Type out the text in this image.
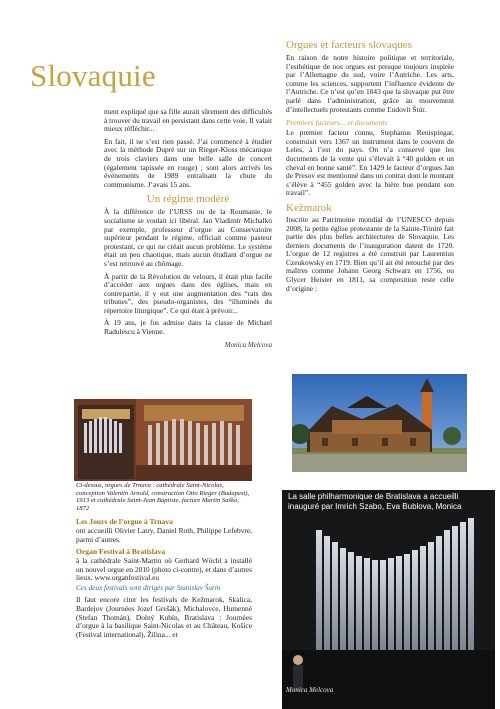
Slovaquie

ment expliqué que sa fille aurait sûrement des difficultés à trouver du travail en persistant dans cette voie. Il valait mieux réfléchir...

En fait, il ne s’est rien passé. J’ai commencé à étudier avec la méthode Dupré sur un Rieger-Kloss mécanique de trois claviers dans une belle salle de concert (également tapissée en rouge) ; sont alors arrivés les événements de 1989 entraînant la chute du communisme. J’avais 15 ans.

Un régime modéré

À la différence de l’URSS ou de la Roumanie, le socialisme se voulait ici libéral. Jan Vladimír Michalko par exemple, professeur d’orgue au Conservatoire supérieur pendant le régime, officiait comme pasteur protestant, ce qui ne créait aucun problème. Le système était un peu chaotique, mais aucun étudiant d’orgue ne s’est retrouvé au chômage.

À partir de la Révolution de velours, il était plus facile d’accéder aux orgues dans des églises, mais en contrepartie, il y eut une augmentation des “rats des tribunes”, des pseudo-organistes, des “illuminés du répertoire liturgique”. Ce qui était à prévoir...

À 19 ans, je fus admise dans la classe de Michael Radulescu à Vienne.

Monica Melcova
Orgues et facteurs slovaques

En raison de notre histoire politique et territoriale, l’esthétique de nos orgues est presque toujours inspirée par l’Allemagne du sud, voire l’Autriche. Les arts, comme les sciences, supportent l’influence évidente de l’Autriche. Ce n’est qu’en 1843 que la slovaque put être parlé dans l’administration, grâce au mouvement d’intellectuels protestants comme Ľudovít Štúr.

Premiers facteurs... et documents

Le premier facteur connu, Stephanus Renispingar, construisit vers 1367 un instrument dans le couvent de Leles, à l’est du pays. On n’a conservé que les documents de la vente qui s’élevait à “40 golden et un cheval en bonne santé”. En 1429 le facteur d’orgues Jan de Presov est mentionné dans un contrat dont le montant s’élève à “455 golden avec la bière bue pendant son travail”.

Kežmarok

Inscrite au Patrimoine mondial de l’UNESCO depuis 2008, la petite église protestante de la Sainte-Trinité fait partie des plus belles architectures de Slovaquie. Les derniers documents de l’inauguration datent de 1720. L’orgue de 12 registres a été construit par Laurentius Czeukowsky en 1719. Bien qu’il ait été retouché par des maîtres comme Johann Georg Schwarz en 1756, ou Glycer Heister en 1811, sa composition reste celle d’origine :

Ci-dessus, orgues de Trnava : cathédrale Saint-Nicolas, conception Valentin Arnold, construction Otto Rieger (Budapest), 1913 et cathédrale Saint-Jean Baptiste, facture Martin Saško, 1872
Les Jours de l’orgue à Trnava

ont accueilli Olivier Latry, Daniel Roth, Philippe Lefebvre, parmi d’autres.

Organ Festival à Bratislava

à la cathédrale Saint-Martin où Gerhard Wöchl a installé un nouvel orgue en 2010 (photo ci-contre), et dans d’autres lieux. www.organfestival.eu

Ces deux festivals sont dirigés par Stanislav Šurin

Il faut encore citer les festivals de Kežmarok, Skalica, Bardejov (Journées Jozef Grešák), Michalovce, Humenné (Stefan Thomán), Dolný Kubín, Bratislava : Journées d’orgue à la basilique Saint-Nicolas et au Château, Košice (Festival international), Žilina... et

La salle philharmonique de Bratislava a accueilli
inauguré par Imrich Szabo, Eva Bublova, Monica
Monica Melcova
